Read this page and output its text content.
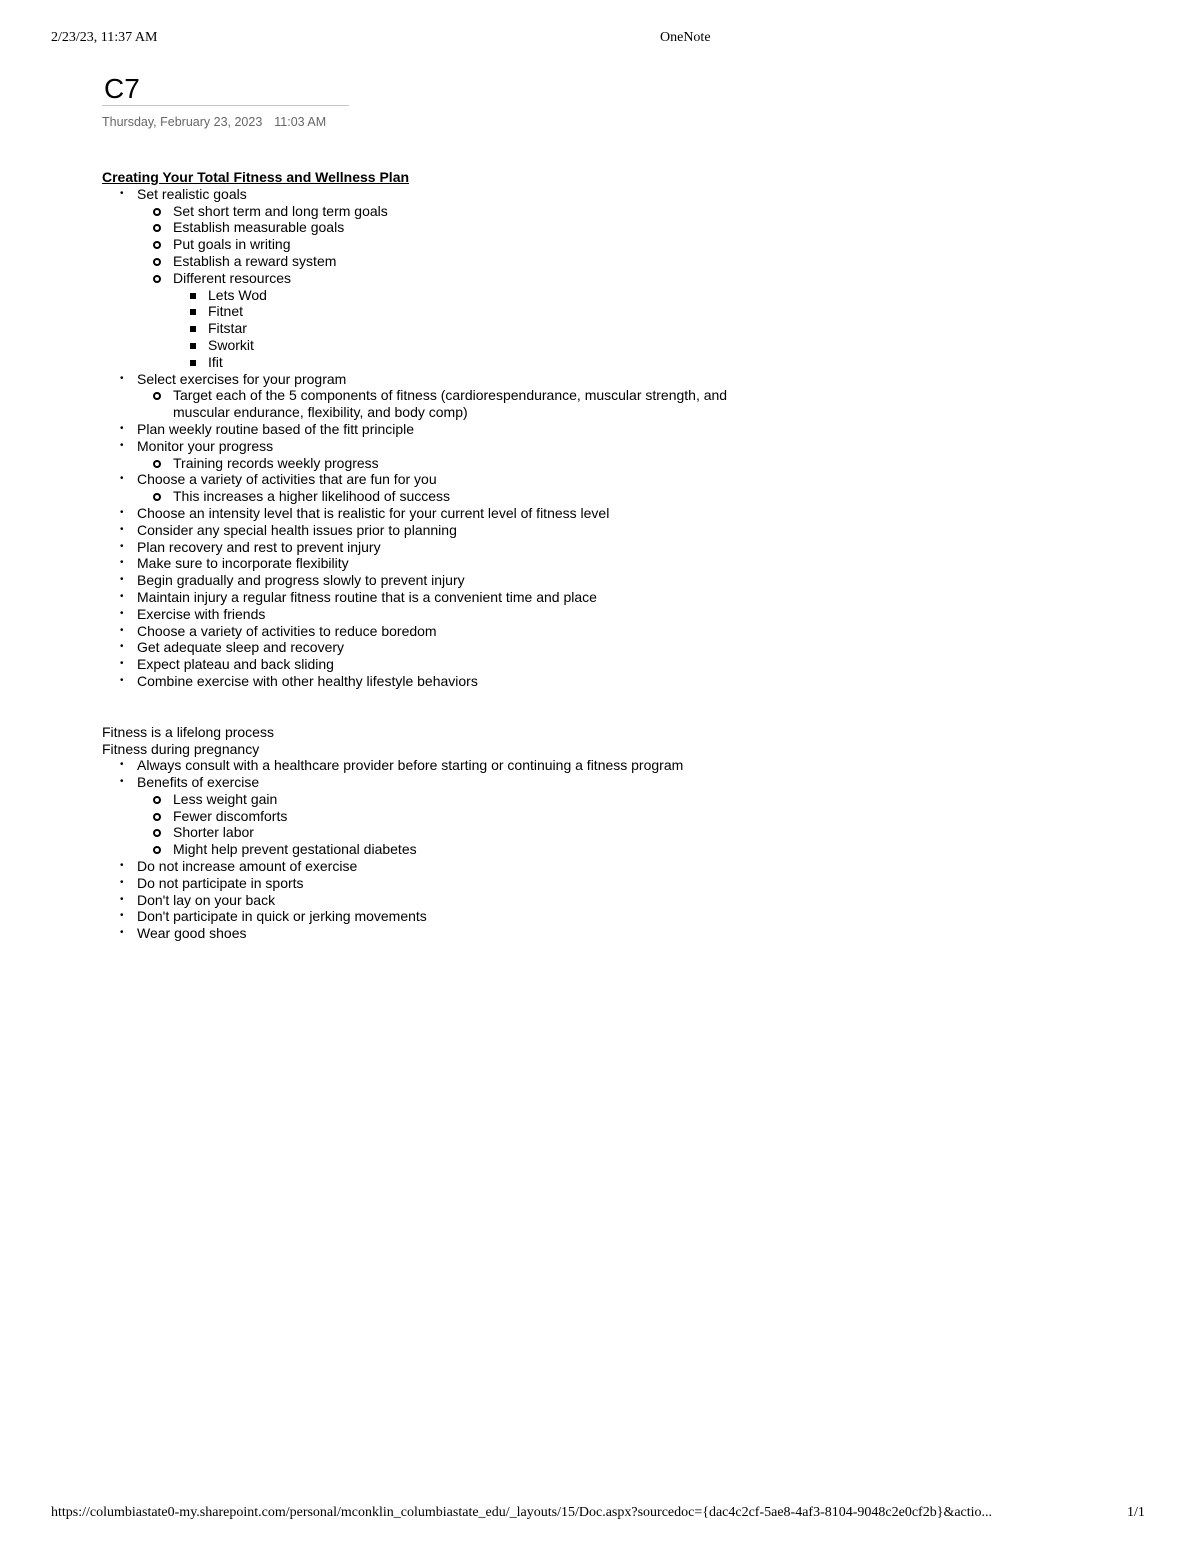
2/23/23, 11:37 AM	OneNote
C7
Thursday, February 23, 2023 11:03 AM
Creating Your Total Fitness and Wellness Plan
• Set realistic goals
Set short term and long term goals
Establish measurable goals
Put goals in writing
Establish a reward system
Different resources
Lets Wod
Fitnet
Fitstar
Sworkit
Ifit
• Select exercises for your program
Target each of the 5 components of fitness (cardiorespendurance, muscular strength, and muscular endurance, flexibility, and body comp)
• Plan weekly routine based of the fitt principle
• Monitor your progress
Training records weekly progress
• Choose a variety of activities that are fun for you
This increases a higher likelihood of success
• Choose an intensity level that is realistic for your current level of fitness level
• Consider any special health issues prior to planning
• Plan recovery and rest to prevent injury
• Make sure to incorporate flexibility
• Begin gradually and progress slowly to prevent injury
• Maintain injury a regular fitness routine that is a convenient time and place
• Exercise with friends
• Choose a variety of activities to reduce boredom
• Get adequate sleep and recovery
• Expect plateau and back sliding
• Combine exercise with other healthy lifestyle behaviors

Fitness is a lifelong process

Fitness during pregnancy

• Always consult with a healthcare provider before starting or continuing a fitness program
• Benefits of exercise
Less weight gain
Fewer discomforts
Shorter labor
Might help prevent gestational diabetes
• Do not increase amount of exercise
• Do not participate in sports
• Don't lay on your back
• Don't participate in quick or jerking movements
• Wear good shoes
https://columbiastate0-my.sharepoint.com/personal/mconklin_columbiastate_edu/_layouts/15/Doc.aspx?sourcedoc={dac4c2cf-5ae8-4af3-8104-9048c2e0cf2b}&actio...	1/1
